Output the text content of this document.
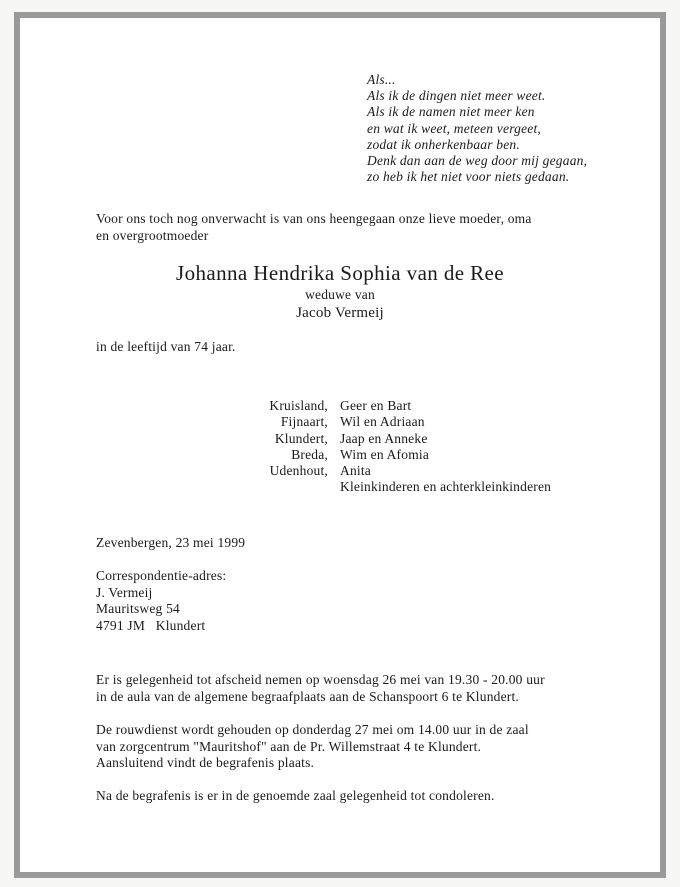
Als...
Als ik de dingen niet meer weet.
Als ik de namen niet meer ken
en wat ik weet, meteen vergeet,
zodat ik onherkenbaar ben.
Denk dan aan de weg door mij gegaan,
zo heb ik het niet voor niets gedaan.
Voor ons toch nog onverwacht is van ons heengegaan onze lieve moeder, oma
en overgrootmoeder
Johanna Hendrika Sophia van de Ree
weduwe van
Jacob Vermeij
in de leeftijd van 74 jaar.
Kruisland,
Fijnaart,
Klundert,
Breda,
Udenhout,
Geer en Bart
Wil en Adriaan
Jaap en Anneke
Wim en Afomia
Anita
Kleinkinderen en achterkleinkinderen
Zevenbergen, 23 mei 1999
Correspondentie-adres:
J. Vermeij
Mauritsweg 54
4791 JM   Klundert
Er is gelegenheid tot afscheid nemen op woensdag 26 mei van 19.30 - 20.00 uur
in de aula van de algemene begraafplaats aan de Schanspoort 6 te Klundert.
De rouwdienst wordt gehouden op donderdag 27 mei om 14.00 uur in de zaal
van zorgcentrum "Mauritshof" aan de Pr. Willemstraat 4 te Klundert.
Aansluitend vindt de begrafenis plaats.
Na de begrafenis is er in de genoemde zaal gelegenheid tot condoleren.
